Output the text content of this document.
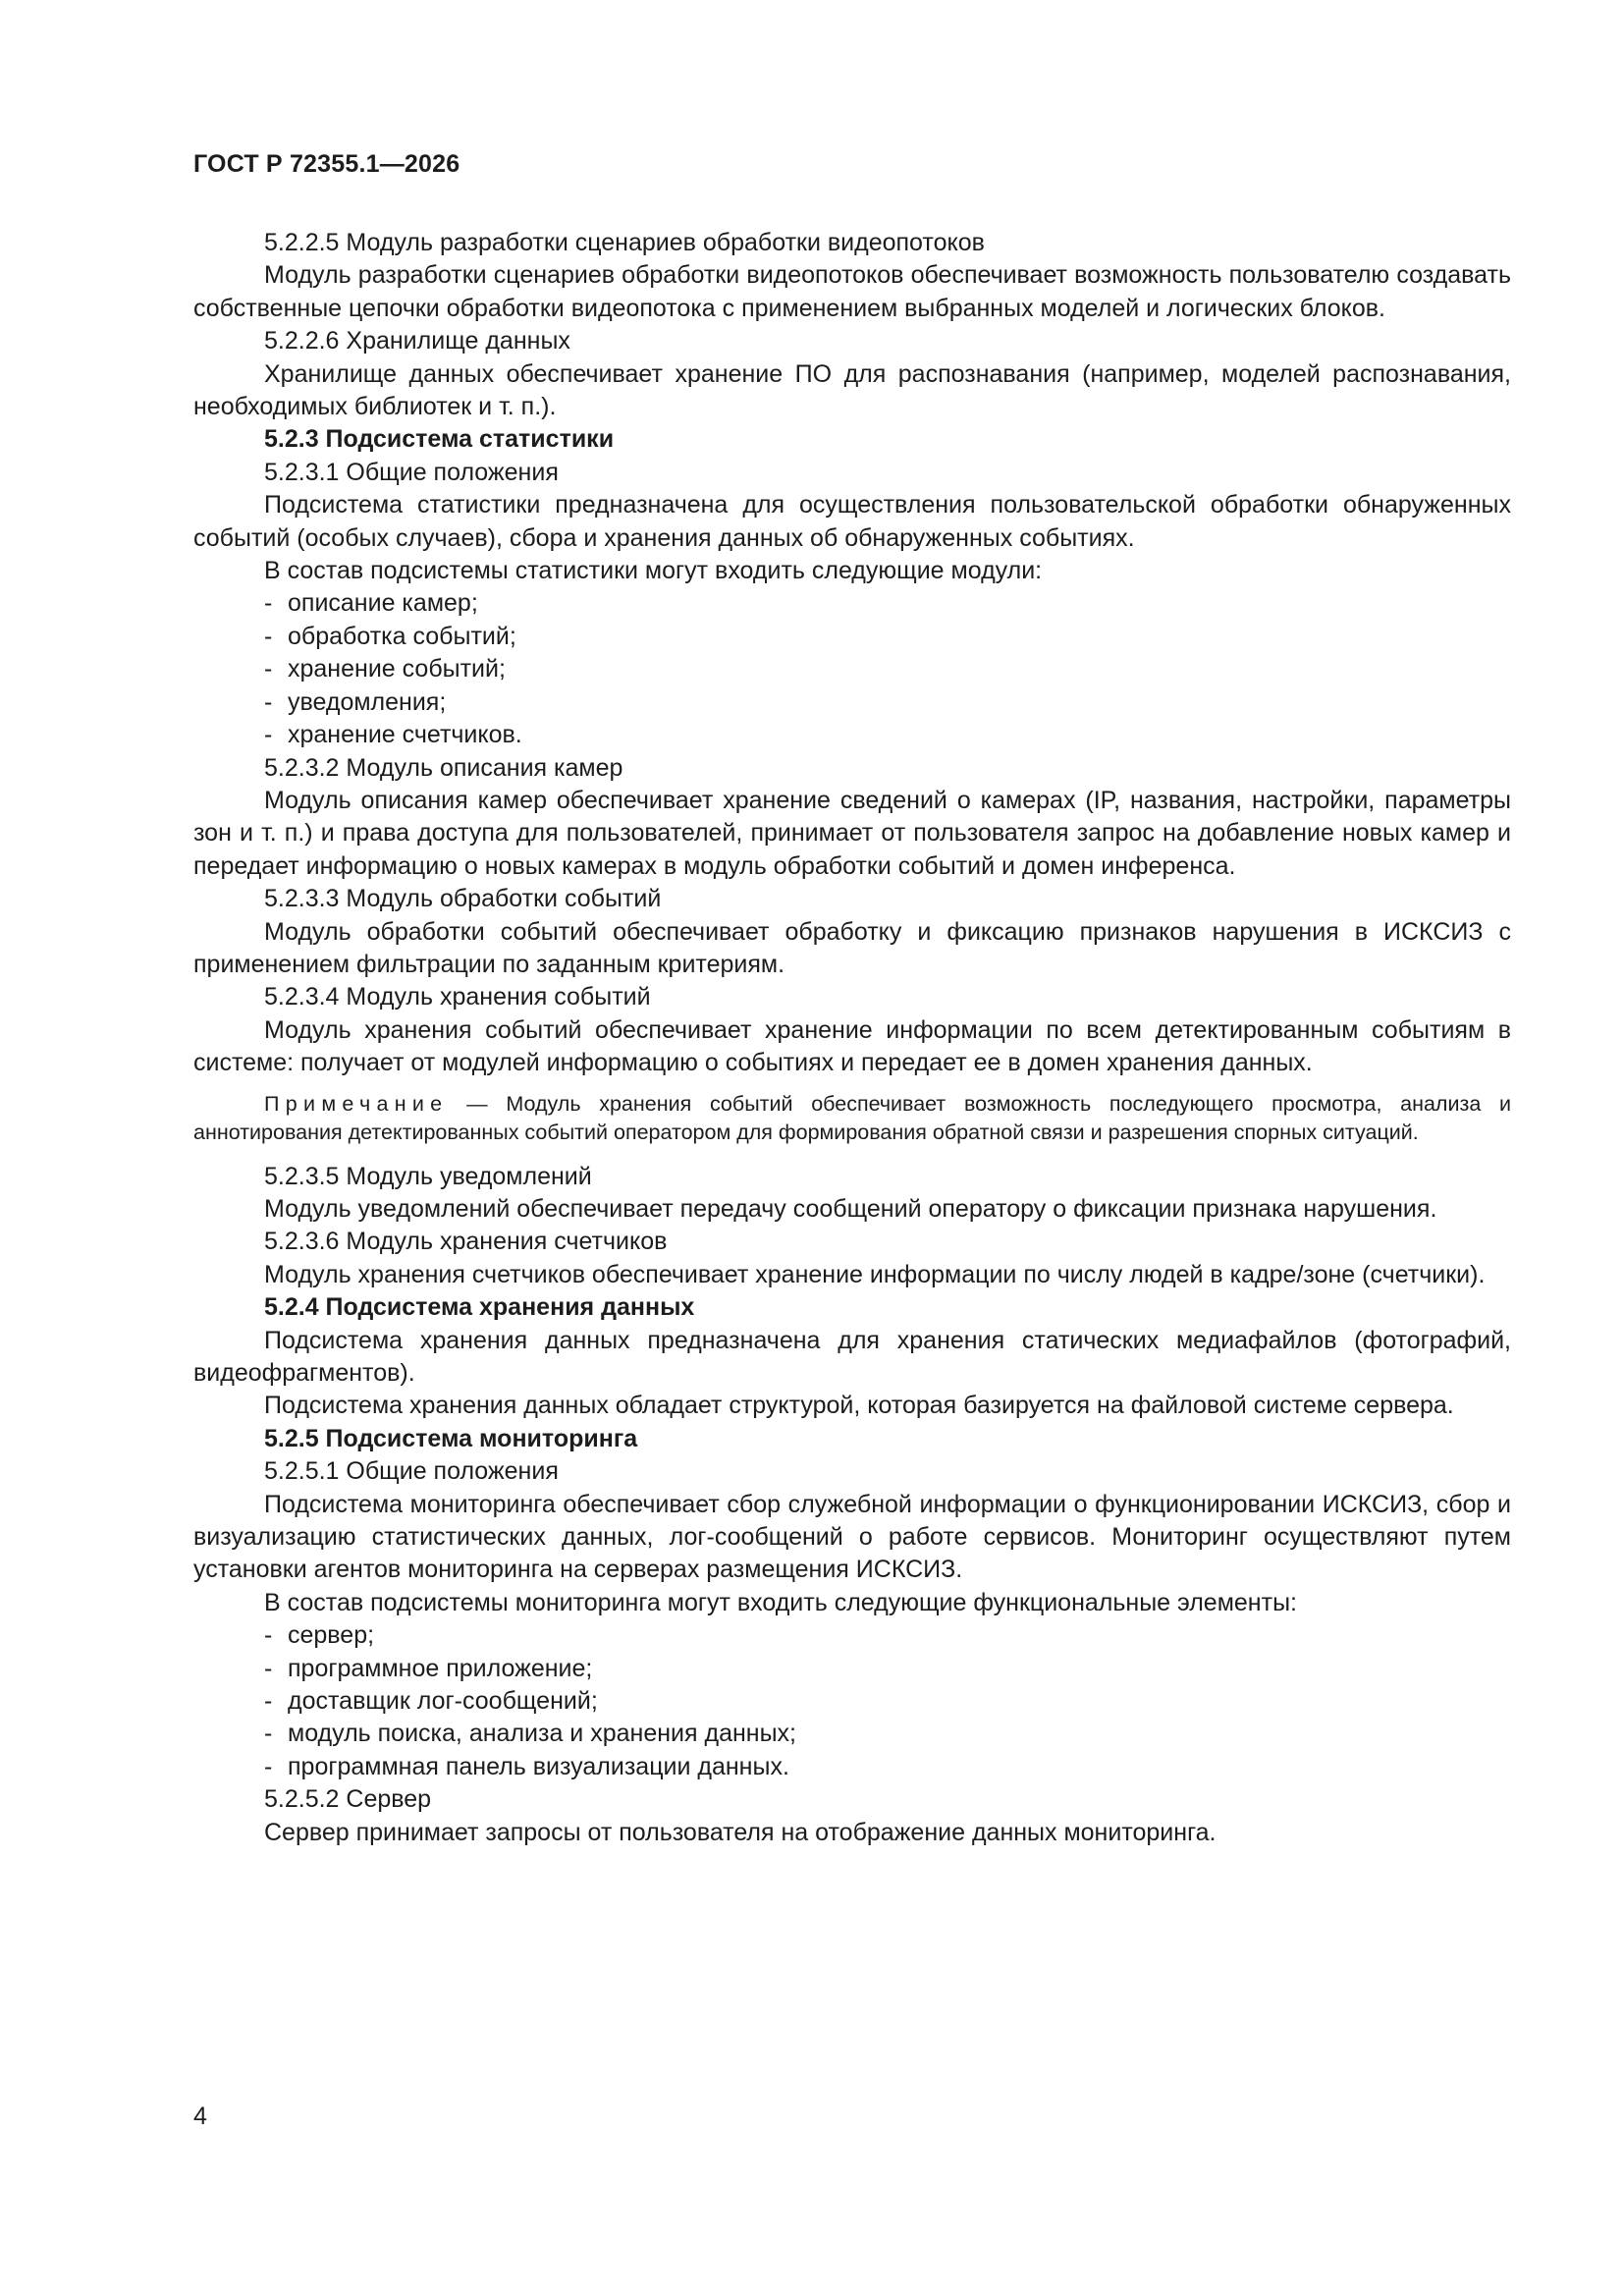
ГОСТ Р 72355.1—2026

5.2.2.5 Модуль разработки сценариев обработки видеопотоков

Модуль разработки сценариев обработки видеопотоков обеспечивает возможность пользователю создавать собственные цепочки обработки видеопотока с применением выбранных моделей и логических блоков.

5.2.2.6 Хранилище данных

Хранилище данных обеспечивает хранение ПО для распознавания (например, моделей распознавания, необходимых библиотек и т. п.).

5.2.3 Подсистема статистики

5.2.3.1 Общие положения

Подсистема статистики предназначена для осуществления пользовательской обработки обнаруженных событий (особых случаев), сбора и хранения данных об обнаруженных событиях.

В состав подсистемы статистики могут входить следующие модули:

- описание камер;

- обработка событий;

- хранение событий;

- уведомления;

- хранение счетчиков.

5.2.3.2 Модуль описания камер

Модуль описания камер обеспечивает хранение сведений о камерах (IP, названия, настройки, параметры зон и т. п.) и права доступа для пользователей, принимает от пользователя запрос на добавление новых камер и передает информацию о новых камерах в модуль обработки событий и домен инференса.

5.2.3.3 Модуль обработки событий

Модуль обработки событий обеспечивает обработку и фиксацию признаков нарушения в ИСКСИЗ с применением фильтрации по заданным критериям.

5.2.3.4 Модуль хранения событий

Модуль хранения событий обеспечивает хранение информации по всем детектированным событиям в системе: получает от модулей информацию о событиях и передает ее в домен хранения данных.

Примечание — Модуль хранения событий обеспечивает возможность последующего просмотра, анализа и аннотирования детектированных событий оператором для формирования обратной связи и разрешения спорных ситуаций.

5.2.3.5 Модуль уведомлений

Модуль уведомлений обеспечивает передачу сообщений оператору о фиксации признака нарушения.

5.2.3.6 Модуль хранения счетчиков

Модуль хранения счетчиков обеспечивает хранение информации по числу людей в кадре/зоне (счетчики).

5.2.4 Подсистема хранения данных

Подсистема хранения данных предназначена для хранения статических медиафайлов (фотографий, видеофрагментов).

Подсистема хранения данных обладает структурой, которая базируется на файловой системе сервера.

5.2.5 Подсистема мониторинга

5.2.5.1 Общие положения

Подсистема мониторинга обеспечивает сбор служебной информации о функционировании ИСКСИЗ, сбор и визуализацию статистических данных, лог-сообщений о работе сервисов. Мониторинг осуществляют путем установки агентов мониторинга на серверах размещения ИСКСИЗ.

В состав подсистемы мониторинга могут входить следующие функциональные элементы:

- сервер;

- программное приложение;

- доставщик лог-сообщений;

- модуль поиска, анализа и хранения данных;

- программная панель визуализации данных.

5.2.5.2 Сервер

Сервер принимает запросы от пользователя на отображение данных мониторинга.

4
